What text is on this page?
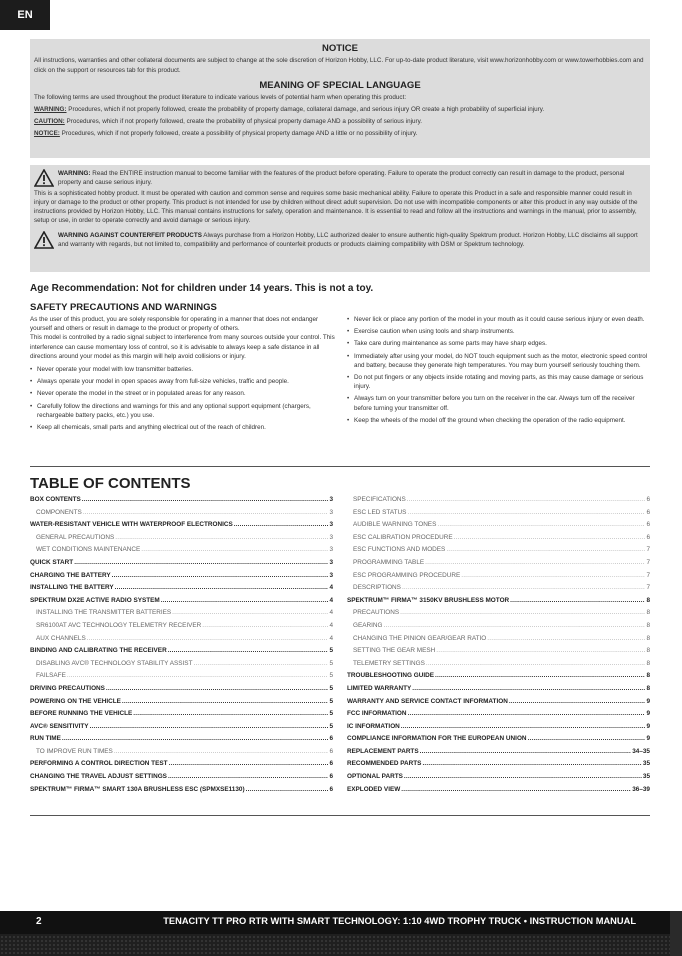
EN
NOTICE
All instructions, warranties and other collateral documents are subject to change at the sole discretion of Horizon Hobby, LLC. For up-to-date product literature, visit www.horizonhobby.com or www.towerhobbies.com and click on the support or resources tab for this product.
MEANING OF SPECIAL LANGUAGE
The following terms are used throughout the product literature to indicate various levels of potential harm when operating this product:
WARNING: Procedures, which if not properly followed, create the probability of property damage, collateral damage, and serious injury OR create a high probability of superficial injury.
CAUTION: Procedures, which if not properly followed, create the probability of physical property damage AND a possibility of serious injury.
NOTICE: Procedures, which if not properly followed, create a possibility of physical property damage AND a little or no possibility of injury.
WARNING: Read the ENTIRE instruction manual to become familiar with the features of the product before operating. Failure to operate the product correctly can result in damage to the product, personal property and cause serious injury.
This is a sophisticated hobby product. It must be operated with caution and common sense and requires some basic mechanical ability. Failure to operate this Product in a safe and responsible manner could result in injury or damage to the product or other property. This product is not intended for use by children without direct adult supervision. Do not use with incompatible components or alter this product in any way outside of the instructions provided by Horizon Hobby, LLC. This manual contains instructions for safety, operation and maintenance. It is essential to read and follow all the instructions and warnings in the manual, prior to assembly, setup or use, in order to operate correctly and avoid damage or serious injury.
WARNING AGAINST COUNTERFEIT PRODUCTS Always purchase from a Horizon Hobby, LLC authorized dealer to ensure authentic high-quality Spektrum product. Horizon Hobby, LLC disclaims all support and warranty with regards, but not limited to, compatibility and performance of counterfeit products or products claiming compatibility with DSM or Spektrum technology.
Age Recommendation: Not for children under 14 years. This is not a toy.
SAFETY PRECAUTIONS AND WARNINGS
As the user of this product, you are solely responsible for operating in a manner that does not endanger yourself and others or result in damage to the product or property of others.
This model is controlled by a radio signal subject to interference from many sources outside your control. This interference can cause momentary loss of control, so it is advisable to always keep a safe distance in all directions around your model as this margin will help avoid collisions or injury.
• Never operate your model with low transmitter batteries.
• Always operate your model in open spaces away from full-size vehicles, traffic and people.
• Never operate the model in the street or in populated areas for any reason.
• Carefully follow the directions and warnings for this and any optional support equipment (chargers, rechargeable battery packs, etc.) you use.
• Keep all chemicals, small parts and anything electrical out of the reach of children.
• Never lick or place any portion of the model in your mouth as it could cause serious injury or even death.
• Exercise caution when using tools and sharp instruments.
• Take care during maintenance as some parts may have sharp edges.
• Immediately after using your model, do NOT touch equipment such as the motor, electronic speed control and battery, because they generate high temperatures. You may burn yourself seriously touching them.
• Do not put fingers or any objects inside rotating and moving parts, as this may cause damage or serious injury.
• Always turn on your transmitter before you turn on the receiver in the car. Always turn off the receiver before turning your transmitter off.
• Keep the wheels of the model off the ground when checking the operation of the radio equipment.
TABLE OF CONTENTS
BOX CONTENTS .....	3
COMPONENTS .....	3
WATER-RESISTANT VEHICLE WITH WATERPROOF ELECTRONICS .....	3
GENERAL PRECAUTIONS .....	3
WET CONDITIONS MAINTENANCE .....	3
QUICK START .....	3
CHARGING THE BATTERY .....	3
INSTALLING THE BATTERY .....	4
SPEKTRUM DX2E ACTIVE RADIO SYSTEM .....	4
INSTALLING THE TRANSMITTER BATTERIES .....	4
SR6100AT AVC TECHNOLOGY TELEMETRY RECEIVER .....	4
AUX CHANNELS .....	4
BINDING AND CALIBRATING THE RECEIVER .....	5
DISABLING AVC® TECHNOLOGY STABILITY ASSIST .....	5
FAILSAFE .....	5
DRIVING PRECAUTIONS .....	5
POWERING ON THE VEHICLE .....	5
BEFORE RUNNING THE VEHICLE .....	5
AVC® SENSITIVITY .....	5
RUN TIME .....	6
TO IMPROVE RUN TIMES .....	6
PERFORMING A CONTROL DIRECTION TEST .....	6
CHANGING THE TRAVEL ADJUST SETTINGS .....	6
SPEKTRUM™ FIRMA™ SMART 130A BRUSHLESS ESC (SPMXSE1130) .....	6
SPECIFICATIONS .....	6
ESC LED STATUS .....	6
AUDIBLE WARNING TONES .....	6
ESC CALIBRATION PROCEDURE .....	6
ESC FUNCTIONS AND MODES .....	7
PROGRAMMING TABLE .....	7
ESC PROGRAMMING PROCEDURE .....	7
DESCRIPTIONS .....	7
SPEKTRUM™ FIRMA™ 3150KV BRUSHLESS MOTOR .....	8
PRECAUTIONS .....	8
GEARING .....	8
CHANGING THE PINION GEAR/GEAR RATIO .....	8
SETTING THE GEAR MESH .....	8
TELEMETRY SETTINGS .....	8
TROUBLESHOOTING GUIDE .....	8
LIMITED WARRANTY .....	8
WARRANTY AND SERVICE CONTACT INFORMATION .....	9
FCC INFORMATION .....	9
IC INFORMATION .....	9
COMPLIANCE INFORMATION FOR THE EUROPEAN UNION .....	9
REPLACEMENT PARTS .....	34–35
RECOMMENDED PARTS .....	35
OPTIONAL PARTS .....	35
EXPLODED VIEW .....	36–39
2	TENACITY TT PRO RTR WITH SMART TECHNOLOGY: 1:10 4WD TROPHY TRUCK • INSTRUCTION MANUAL
